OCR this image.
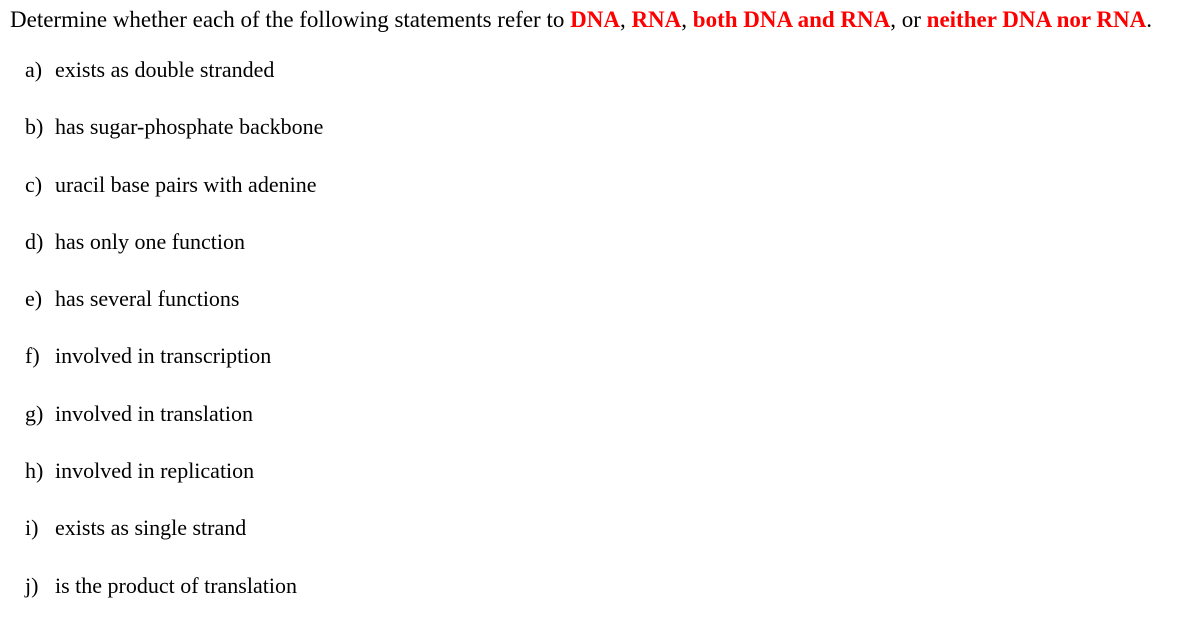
Determine whether each of the following statements refer to DNA, RNA, both DNA and RNA, or neither DNA nor RNA.
a) exists as double stranded
b) has sugar-phosphate backbone
c) uracil base pairs with adenine
d) has only one function
e) has several functions
f) involved in transcription
g) involved in translation
h) involved in replication
i) exists as single strand
j) is the product of translation
